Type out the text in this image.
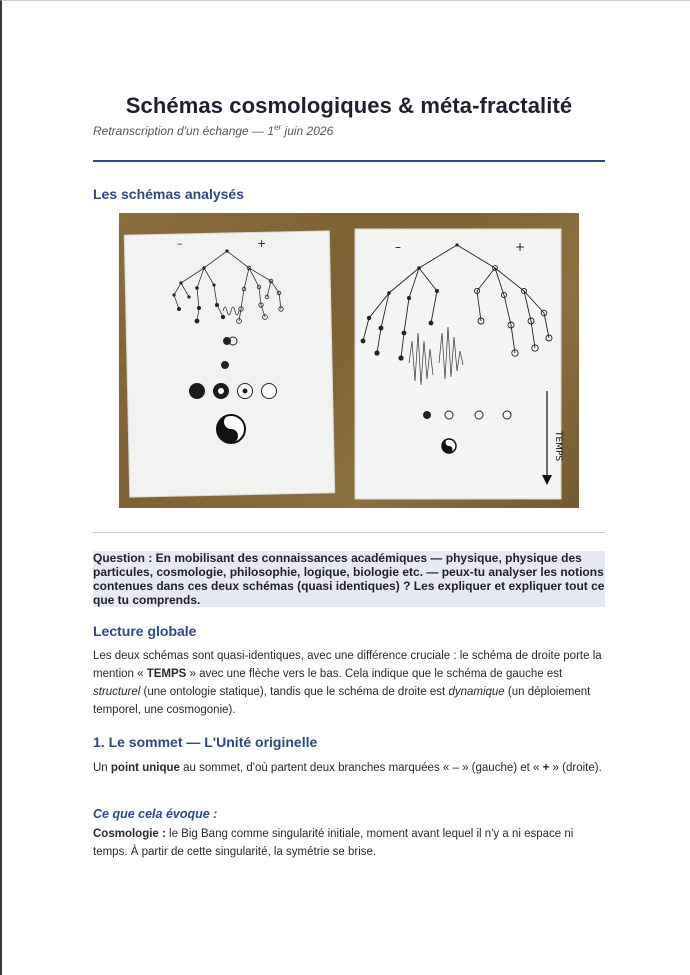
Schémas cosmologiques & méta-fractalité
Retranscription d'un échange — 1er juin 2026
Les schémas analysés
–	+	–	+
TEMPS
Question : En mobilisant des connaissances académiques — physique, physique des particules, cosmologie, philosophie, logique, biologie etc. — peux-tu analyser les notions contenues dans ces deux schémas (quasi identiques) ? Les expliquer et expliquer tout ce que tu comprends.
Lecture globale
Les deux schémas sont quasi-identiques, avec une différence cruciale : le schéma de droite porte la mention « TEMPS » avec une flèche vers le bas. Cela indique que le schéma de gauche est structurel (une ontologie statique), tandis que le schéma de droite est dynamique (un déploiement temporel, une cosmogonie).
1. Le sommet — L'Unité originelle
Un point unique au sommet, d'où partent deux branches marquées « – » (gauche) et « + » (droite).
Ce que cela évoque :
Cosmologie : le Big Bang comme singularité initiale, moment avant lequel il n'y a ni espace ni temps. À partir de cette singularité, la symétrie se brise.
